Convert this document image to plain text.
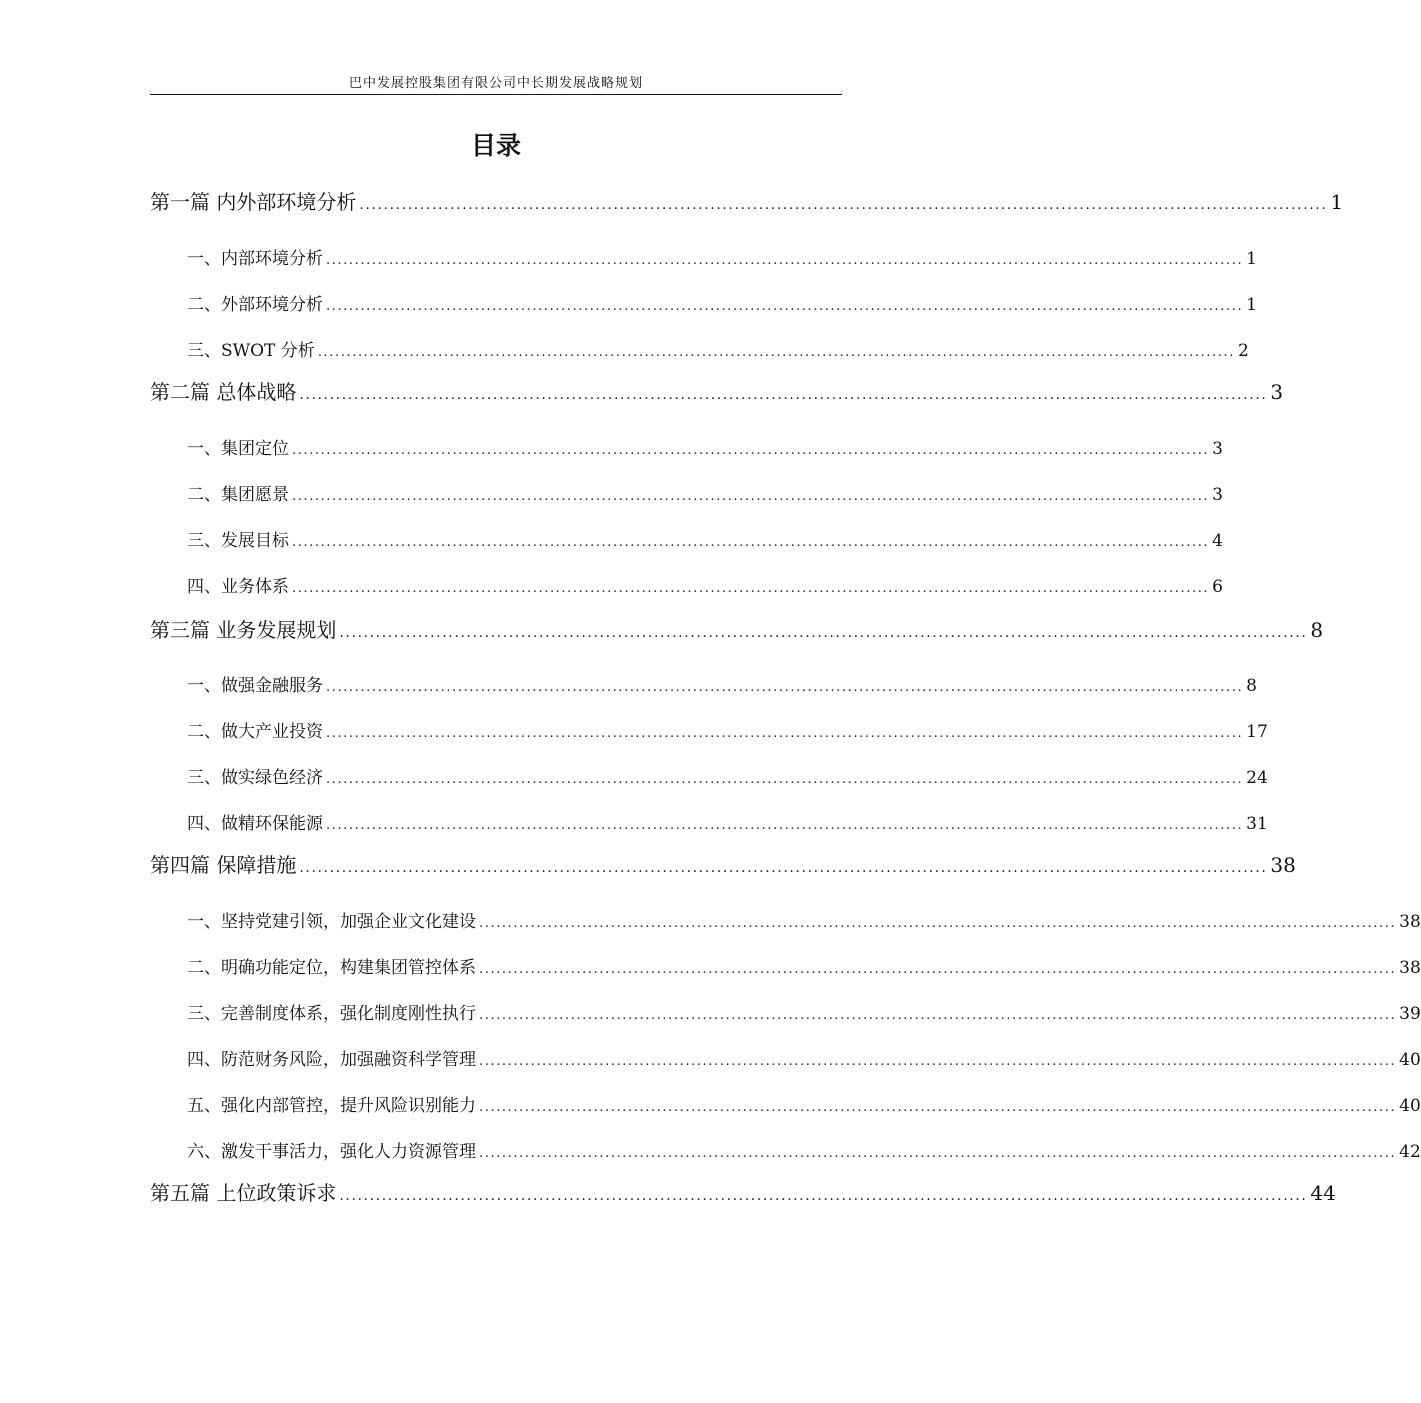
巴中发展控股集团有限公司中长期发展战略规划
目录
第一篇 内外部环境分析 ................................................................................................................................................................ 1
一、内部环境分析 ................................................................................................................................................................ 1
二、外部环境分析 ................................................................................................................................................................ 1
三、SWOT 分析 ................................................................................................................................................................ 2
第二篇 总体战略 ................................................................................................................................................................ 3
一、集团定位 ................................................................................................................................................................ 3
二、集团愿景 ................................................................................................................................................................ 3
三、发展目标 ................................................................................................................................................................ 4
四、业务体系 ................................................................................................................................................................ 6
第三篇 业务发展规划 ................................................................................................................................................................ 8
一、做强金融服务 ................................................................................................................................................................ 8
二、做大产业投资 ................................................................................................................................................................ 17
三、做实绿色经济 ................................................................................................................................................................ 24
四、做精环保能源 ................................................................................................................................................................ 31
第四篇 保障措施 ................................................................................................................................................................ 38
一、坚持党建引领，加强企业文化建设 ................................................................................................................................................................ 38
二、明确功能定位，构建集团管控体系 ................................................................................................................................................................ 38
三、完善制度体系，强化制度刚性执行 ................................................................................................................................................................ 39
四、防范财务风险，加强融资科学管理 ................................................................................................................................................................ 40
五、强化内部管控，提升风险识别能力 ................................................................................................................................................................ 40
六、激发干事活力，强化人力资源管理 ................................................................................................................................................................ 42
第五篇 上位政策诉求 ................................................................................................................................................................ 44
